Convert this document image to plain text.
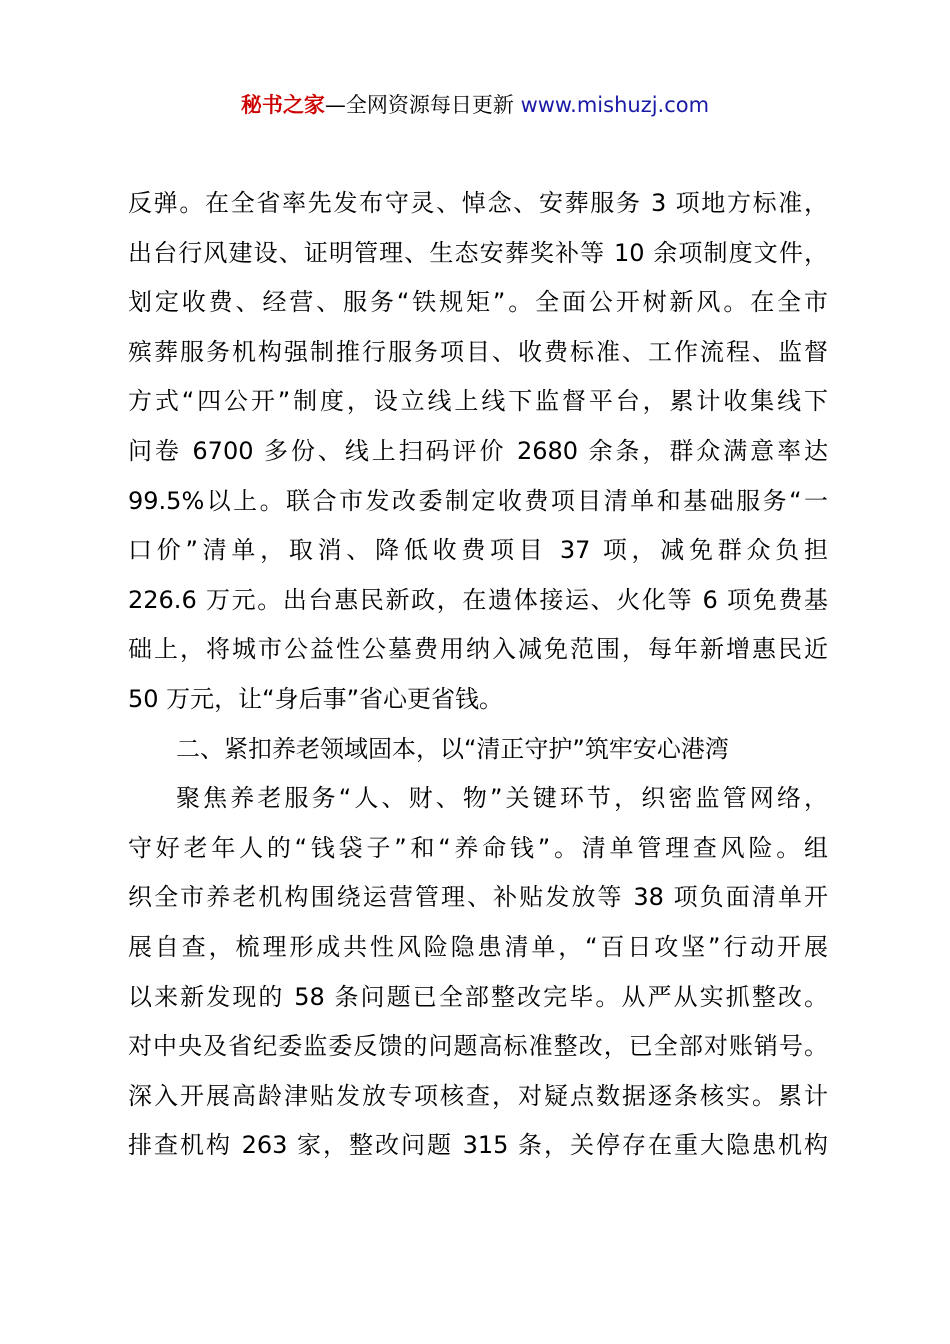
秘书之家—全网资源每日更新 www.mishuzj.com
反弹。在全省率先发布守灵、悼念、安葬服务 3 项地方标准，
出台行风建设、证明管理、生态安葬奖补等 10 余项制度文件，
划定收费、经营、服务“铁规矩”。全面公开树新风。在全市
殡葬服务机构强制推行服务项目、收费标准、工作流程、监督
方式“四公开”制度，设立线上线下监督平台，累计收集线下
问卷 6700 多份、线上扫码评价 2680 余条，群众满意率达
99.5%以上。联合市发改委制定收费项目清单和基础服务“一
口价”清单，取消、降低收费项目 37 项，减免群众负担
226.6 万元。出台惠民新政，在遗体接运、火化等 6 项免费基
础上，将城市公益性公墓费用纳入减免范围，每年新增惠民近
50 万元，让“身后事”省心更省钱。
二、紧扣养老领域固本，以“清正守护”筑牢安心港湾
聚焦养老服务“人、财、物”关键环节，织密监管网络，
守好老年人的“钱袋子”和“养命钱”。清单管理查风险。组
织全市养老机构围绕运营管理、补贴发放等 38 项负面清单开
展自查，梳理形成共性风险隐患清单，“百日攻坚”行动开展
以来新发现的 58 条问题已全部整改完毕。从严从实抓整改。
对中央及省纪委监委反馈的问题高标准整改，已全部对账销号。
深入开展高龄津贴发放专项核查，对疑点数据逐条核实。累计
排查机构 263 家，整改问题 315 条，关停存在重大隐患机构
